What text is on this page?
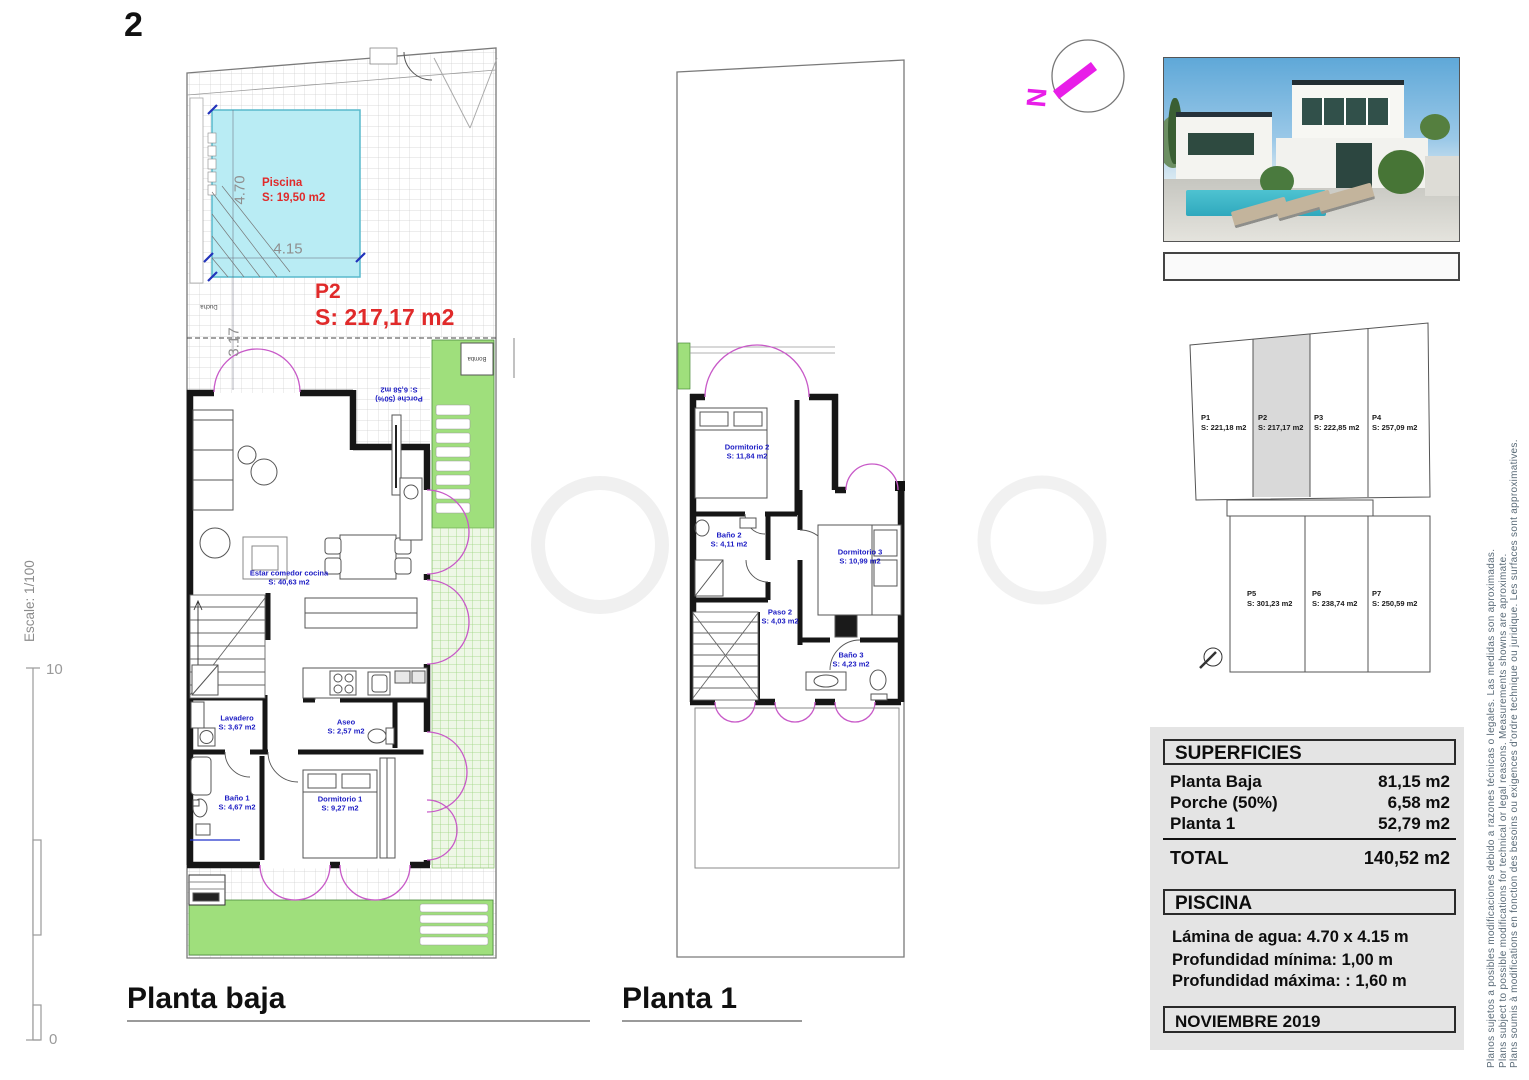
2
Piscina
S: 19,50 m2
4.70
4.15
3.17
P2
S: 217,17 m2
Ducha
Bomba
Porche (50%)
S: 6,58 m2
Estar comedor cocina
S: 40,63 m2
Lavadero
S: 3,67 m2
Aseo
S: 2,57 m2
Baño 1
S: 4,67 m2
Dormitorio 1
S: 9,27 m2
Dormitorio 2
S: 11,84 m2
Baño 2
S: 4,11 m2
Dormitorio 3
S: 10,99 m2
Paso 2
S: 4,03 m2
Baño 3
S: 4,23 m2
Planta baja	Planta 1
N
Escale: 1/100
10
0
P1
S: 221,18 m2
P2
S: 217,17 m2
P3
S: 222,85 m2
P4
S: 257,09 m2
P5
S: 301,23 m2
P6
S: 238,74 m2
P7
S: 250,59 m2
SUPERFICIES
Planta Baja	81,15 m2
Porche (50%)	6,58 m2
Planta 1	52,79 m2
TOTAL	140,52 m2
PISCINA
Lámina de agua: 4.70 x 4.15 m
Profundidad mínima: 1,00 m
Profundidad máxima: : 1,60 m
NOVIEMBRE 2019	Planos sujetos a posibles modificaciones debido a razones técnicas o legales. Las medidas son aproximadas. Plans subject to possible modifications for technical or legal reasons. Measurements showns are aproximate. Plans soumis à modifications en fonction des besoins ou exigences d'ordre technique ou juridique. Les surfaces sont approximatives.
